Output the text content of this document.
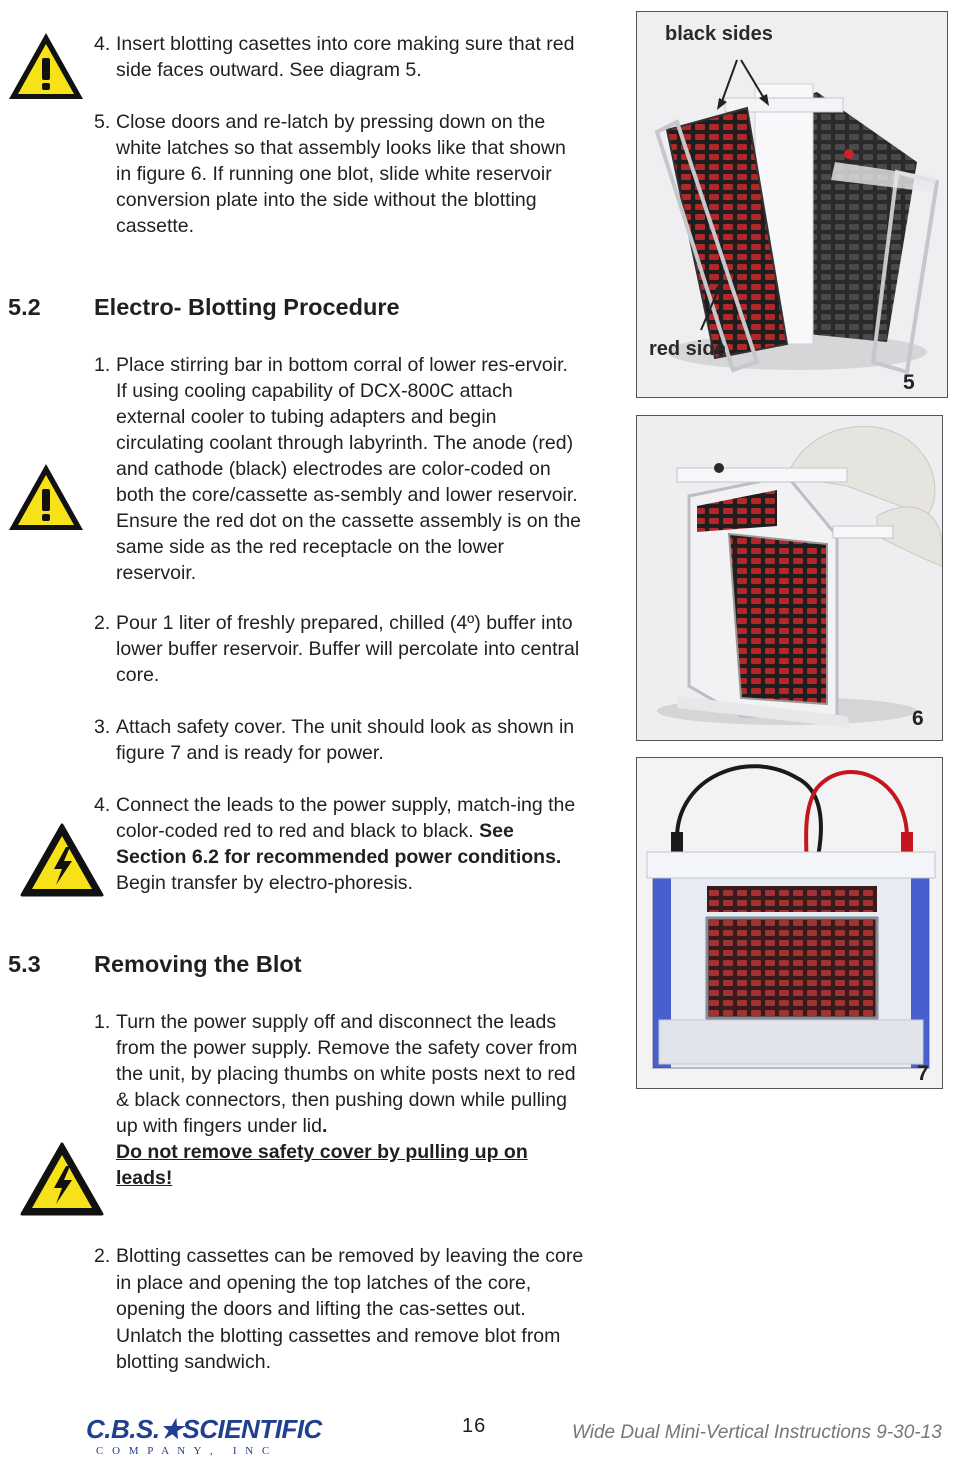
4. Insert blotting casettes into core making sure that red side faces outward. See diagram 5.
5. Close doors and re-latch by pressing down on the white latches so that assembly looks like that shown in figure 6. If running one blot, slide white reservoir conversion plate into the side without the blotting cassette.
5.2 Electro- Blotting Procedure
1. Place stirring bar in bottom corral of lower res-ervoir. If using cooling capability of DCX-800C attach external cooler to tubing adapters and begin circulating coolant through labyrinth. The anode (red) and cathode (black) electrodes are color-coded on both the core/cassette as-sembly and lower reservoir. Ensure the red dot on the cassette assembly is on the same side as the red receptacle on the lower reservoir.
2. Pour 1 liter of freshly prepared, chilled (4º) buffer into lower buffer reservoir. Buffer will percolate into central core.
3. Attach safety cover. The unit should look as shown in figure 7 and is ready for power.
4. Connect the leads to the power supply, match-ing the color-coded red to red and black to black. See Section 6.2 for recommended power conditions. Begin transfer by electro-phoresis.
5.3 Removing the Blot
1. Turn the power supply off and disconnect the leads from the power supply. Remove the safety cover from the unit, by placing thumbs on white posts next to red & black connectors, then pushing down while pulling up with fingers under lid.
Do not remove safety cover by pulling up on leads!
2. Blotting cassettes can be removed by leaving the core in place and opening the top latches of the core, opening the doors and lifting the cas-settes out. Unlatch the blotting cassettes and remove blot from blotting sandwich.
black sides
red side
5
6
7
C.B.S.★SCIENTIFIC
C O M P A N Y ,   I N C
16	Wide Dual Mini-Vertical Instructions 9-30-13
